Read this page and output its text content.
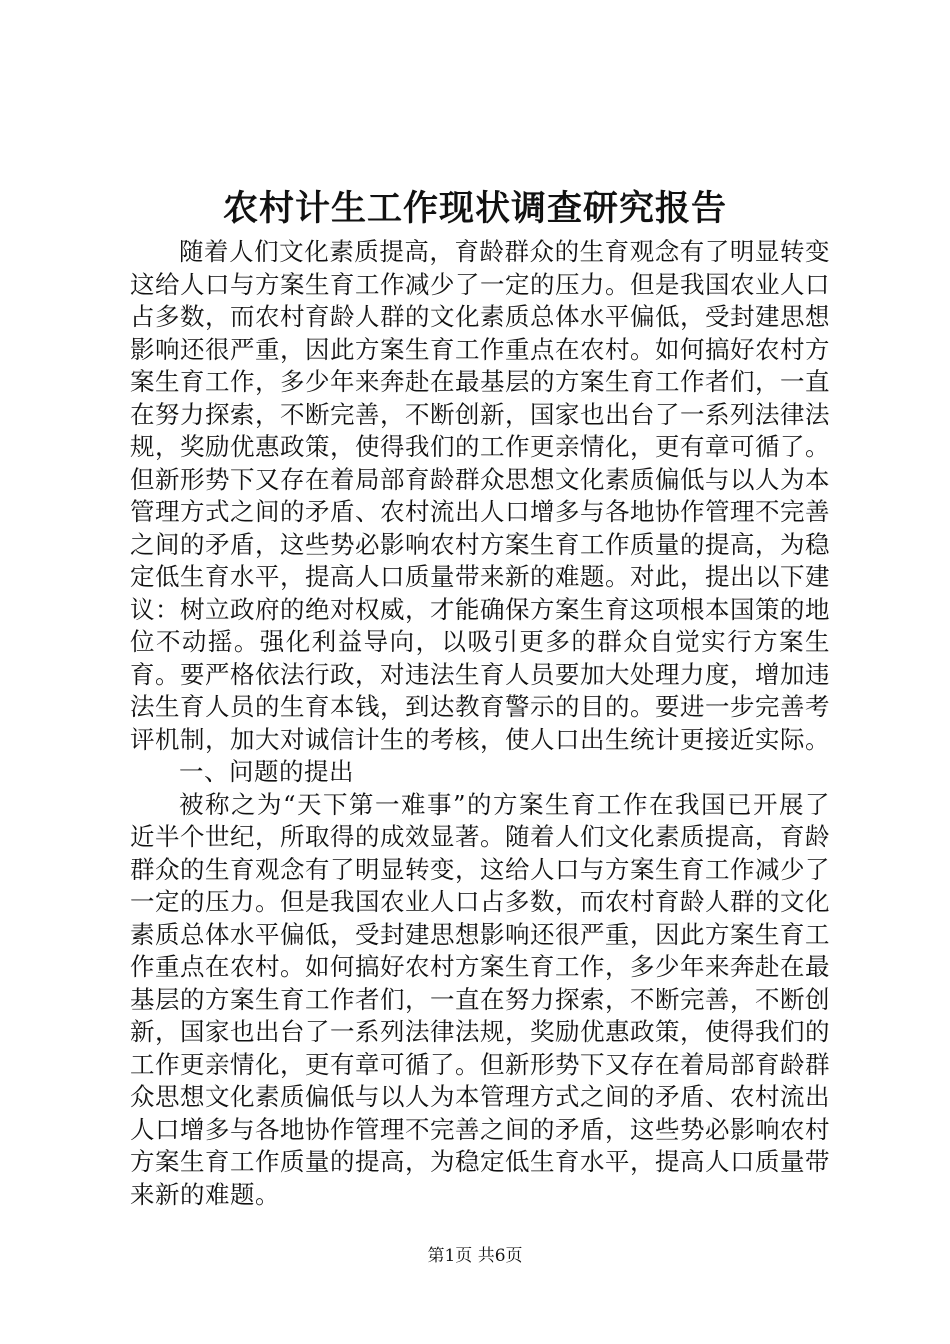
农村计生工作现状调查研究报告

随着人们文化素质提高，育龄群众的生育观念有了明显转变这给人口与方案生育工作减少了一定的压力。但是我国农业人口占多数，而农村育龄人群的文化素质总体水平偏低，受封建思想影响还很严重，因此方案生育工作重点在农村。如何搞好农村方案生育工作，多少年来奔赴在最基层的方案生育工作者们，一直在努力探索，不断完善，不断创新，国家也出台了一系列法律法规，奖励优惠政策，使得我们的工作更亲情化，更有章可循了。但新形势下又存在着局部育龄群众思想文化素质偏低与以人为本管理方式之间的矛盾、农村流出人口增多与各地协作管理不完善之间的矛盾，这些势必影响农村方案生育工作质量的提高，为稳定低生育水平，提高人口质量带来新的难题。对此，提出以下建议：树立政府的绝对权威，才能确保方案生育这项根本国策的地位不动摇。强化利益导向，以吸引更多的群众自觉实行方案生育。要严格依法行政，对违法生育人员要加大处理力度，增加违法生育人员的生育本钱，到达教育警示的目的。要进一步完善考评机制，加大对诚信计生的考核，使人口出生统计更接近实际。

一、问题的提出

被称之为“天下第一难事”的方案生育工作在我国已开展了近半个世纪，所取得的成效显著。随着人们文化素质提高，育龄群众的生育观念有了明显转变，这给人口与方案生育工作减少了一定的压力。但是我国农业人口占多数，而农村育龄人群的文化素质总体水平偏低，受封建思想影响还很严重，因此方案生育工作重点在农村。如何搞好农村方案生育工作，多少年来奔赴在最基层的方案生育工作者们，一直在努力探索，不断完善，不断创新，国家也出台了一系列法律法规，奖励优惠政策，使得我们的工作更亲情化，更有章可循了。但新形势下又存在着局部育龄群众思想文化素质偏低与以人为本管理方式之间的矛盾、农村流出人口增多与各地协作管理不完善之间的矛盾，这些势必影响农村方案生育工作质量的提高，为稳定低生育水平，提高人口质量带来新的难题。

第1页 共6页
